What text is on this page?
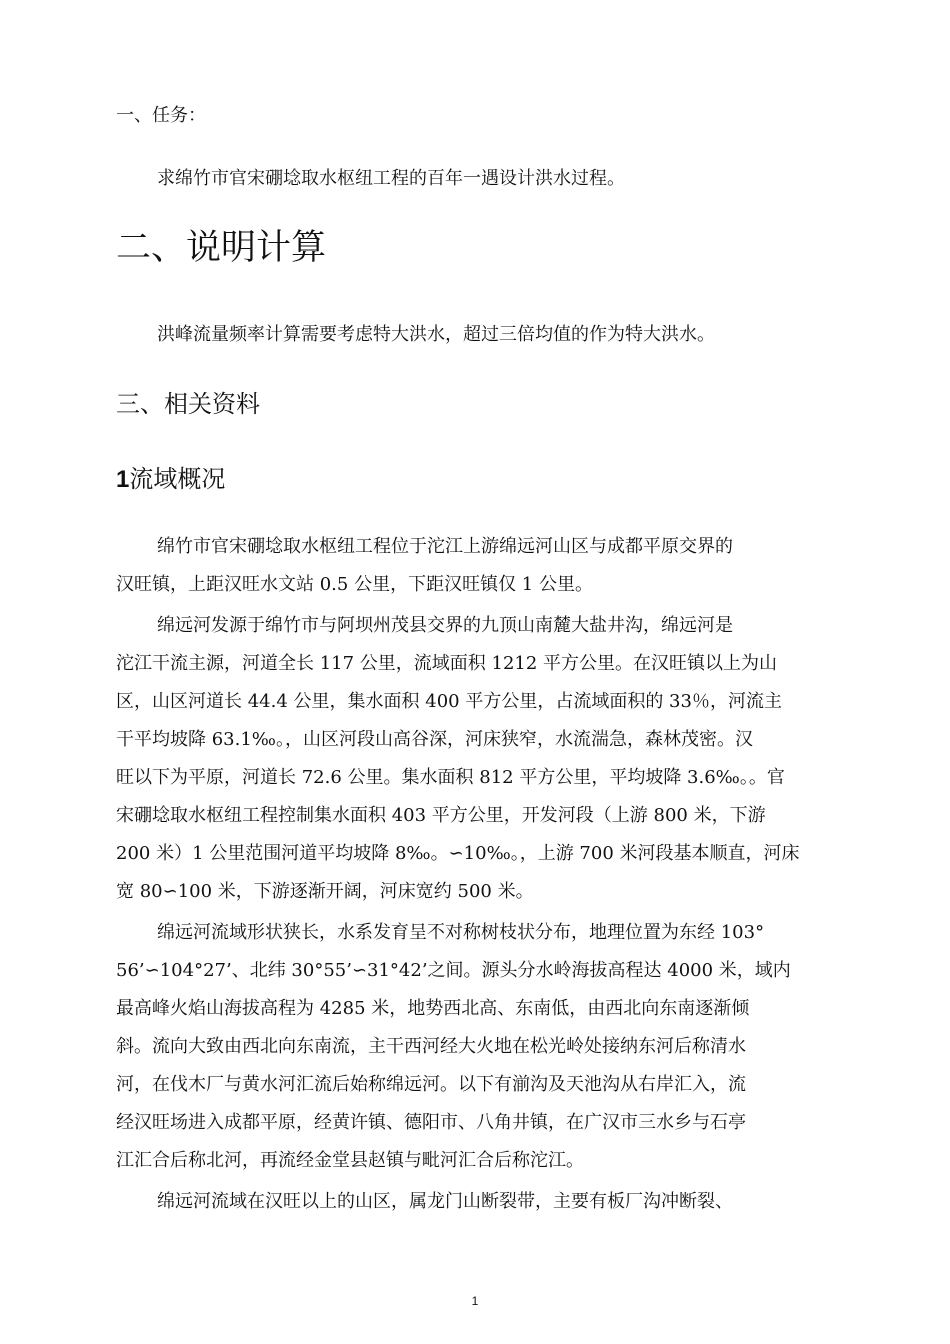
一、任务：
求绵竹市官宋硼埝取水枢纽工程的百年一遇设计洪水过程。
二、说明计算
洪峰流量频率计算需要考虑特大洪水，超过三倍均值的作为特大洪水。
三、相关资料
1流域概况
绵竹市官宋硼埝取水枢纽工程位于沱江上游绵远河山区与成都平原交界的
汉旺镇，上距汉旺水文站 0.5 公里，下距汉旺镇仅 1 公里。
绵远河发源于绵竹市与阿坝州茂县交界的九顶山南麓大盐井沟，绵远河是
沱江干流主源，河道全长 117 公里，流域面积 1212 平方公里。在汉旺镇以上为山
区，山区河道长 44.4 公里，集水面积 400 平方公里，占流域面积的 33％，河流主
干平均坡降 63.1‰。，山区河段山高谷深，河床狭窄，水流湍急，森林茂密。汉
旺以下为平原，河道长 72.6 公里。集水面积 812 平方公里，平均坡降 3.6‰。。官
宋硼埝取水枢纽工程控制集水面积 403 平方公里，开发河段（上游 800 米，下游
200 米）1 公里范围河道平均坡降 8‰。∽10‰。，上游 700 米河段基本顺直，河床
宽 80∽100 米，下游逐渐开阔，河床宽约 500 米。
绵远河流域形状狭长，水系发育呈不对称树枝状分布，地理位置为东经 103°
56’∽104°27’、北纬 30°55’∽31°42’之间。源头分水岭海拔高程达 4000 米，域内
最高峰火焰山海拔高程为 4285 米，地势西北高、东南低，由西北向东南逐渐倾
斜。流向大致由西北向东南流，主干西河经大火地在松光岭处接纳东河后称清水
河，在伐木厂与黄水河汇流后始称绵远河。以下有湔沟及天池沟从右岸汇入，流
经汉旺场进入成都平原，经黄许镇、德阳市、八角井镇，在广汉市三水乡与石亭
江汇合后称北河，再流经金堂县赵镇与毗河汇合后称沱江。
绵远河流域在汉旺以上的山区，属龙门山断裂带，主要有板厂沟冲断裂、
1
